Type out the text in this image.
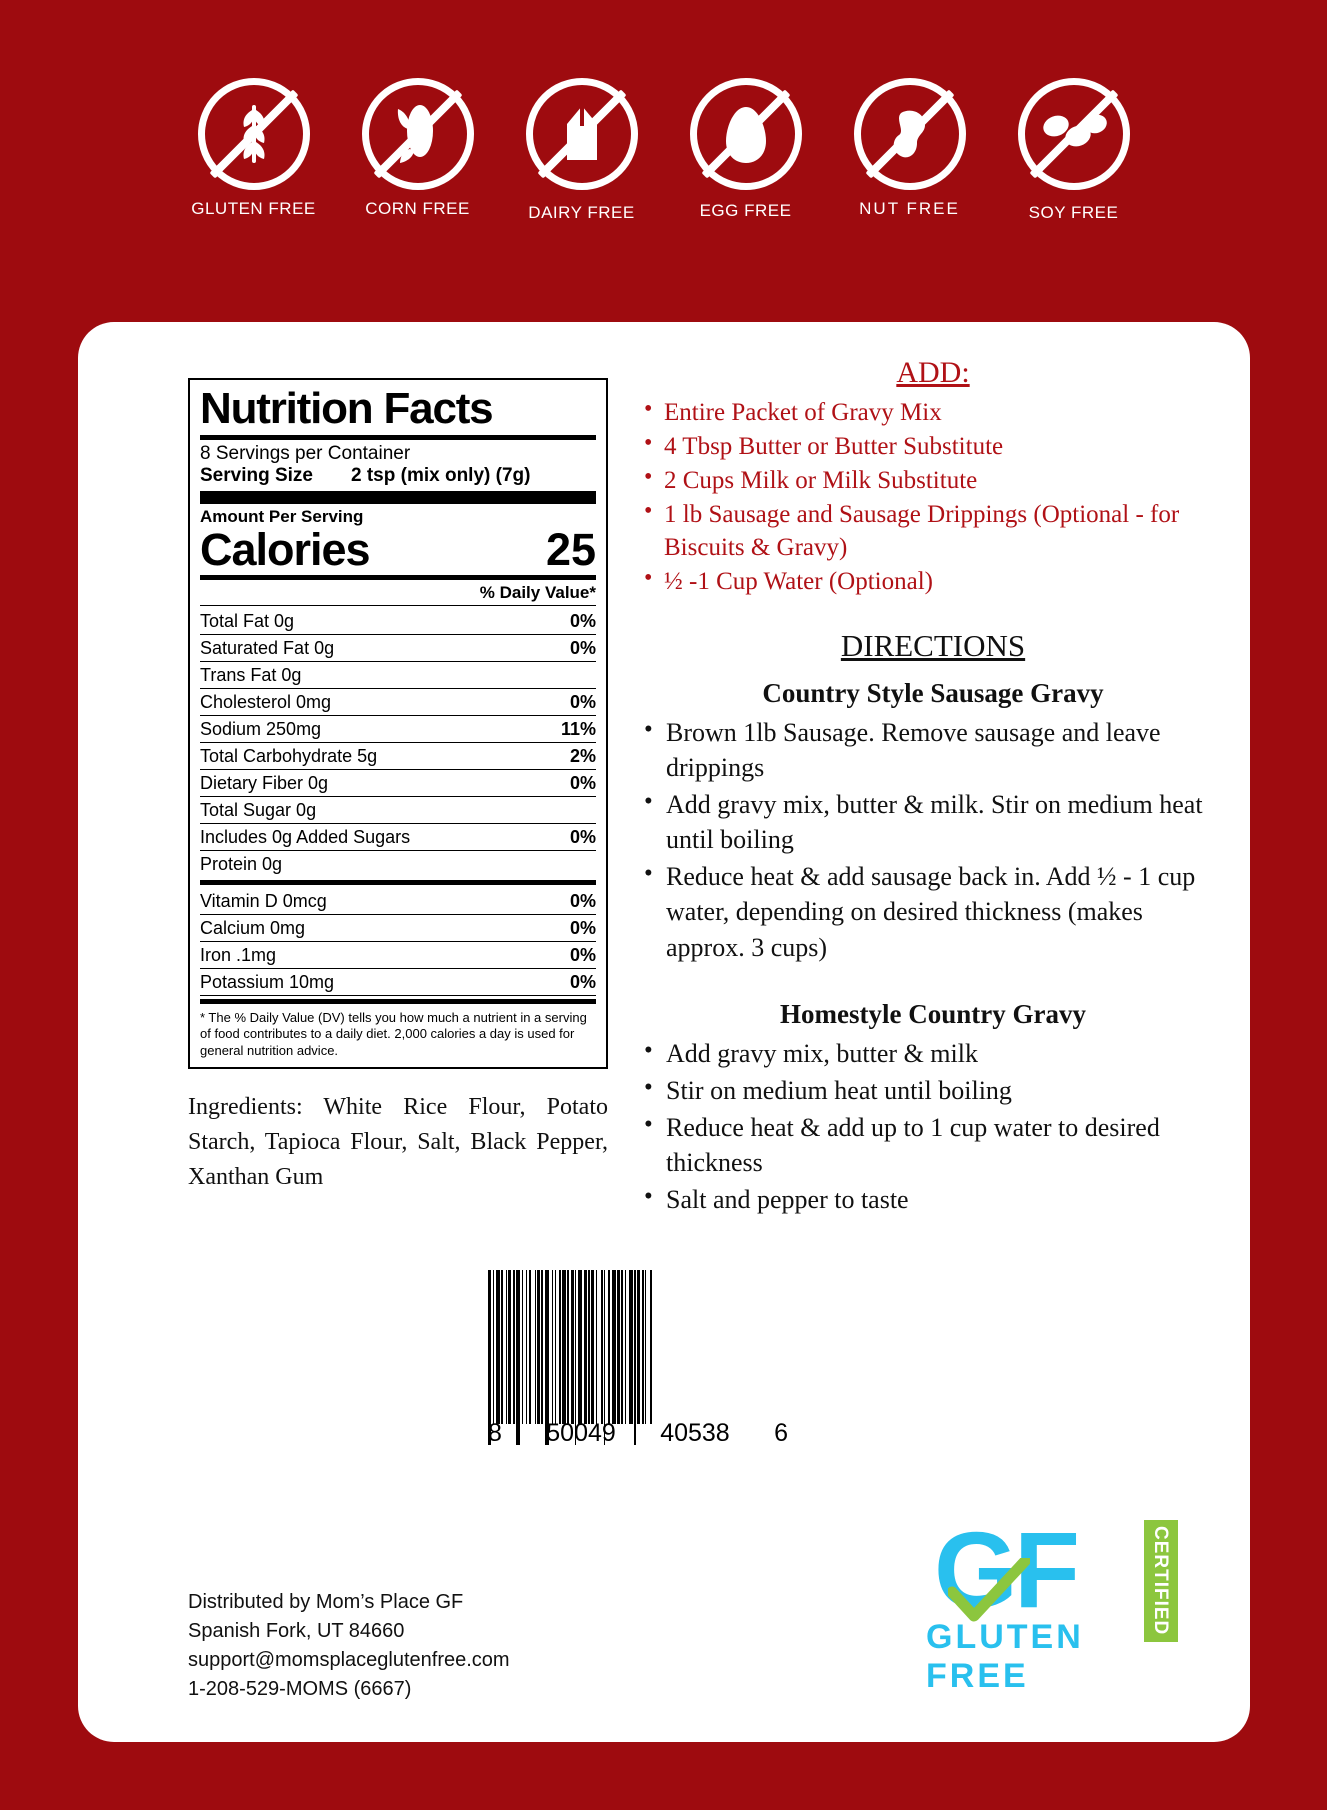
GLUTEN FREE	CORN FREE	DAIRY FREE	EGG FREE	NUT FREE	SOY FREE
Nutrition Facts
8 Servings per Container
Serving Size 2 tsp (mix only) (7g)
Amount Per Serving
Calories	25
% Daily Value*
Total Fat 0g	0%
Saturated Fat 0g	0%
Trans Fat 0g
Cholesterol 0mg	0%
Sodium 250mg	11%
Total Carbohydrate 5g	2%
Dietary Fiber 0g	0%
Total Sugar 0g
Includes 0g Added Sugars	0%
Protein 0g
Vitamin D 0mcg	0%
Calcium 0mg	0%
Iron .1mg	0%
Potassium 10mg	0%
* The % Daily Value (DV) tells you how much a nutrient in a serving of food contributes to a daily diet. 2,000 calories a day is used for general nutrition advice.
Ingredients: White Rice Flour, Potato Starch, Tapioca Flour, Salt, Black Pepper, Xanthan Gum
ADD:
• Entire Packet of Gravy Mix
• 4 Tbsp Butter or Butter Substitute
• 2 Cups Milk or Milk Substitute
• 1 lb Sausage and Sausage Drippings (Optional - for Biscuits & Gravy)
• ½ -1 Cup Water (Optional)
DIRECTIONS
Country Style Sausage Gravy
• Brown 1lb Sausage. Remove sausage and leave drippings
• Add gravy mix, butter & milk. Stir on medium heat until boiling
• Reduce heat & add sausage back in. Add ½ - 1 cup water, depending on desired thickness (makes approx. 3 cups)
Homestyle Country Gravy
• Add gravy mix, butter & milk
• Stir on medium heat until boiling
• Reduce heat & add up to 1 cup water to desired thickness
• Salt and pepper to taste
8 50049 40538 6
GF	CERTIFIED
GLUTEN FREE
Distributed by Mom’s Place GF
Spanish Fork, UT 84660
support@momsplaceglutenfree.com
1-208-529-MOMS (6667)
